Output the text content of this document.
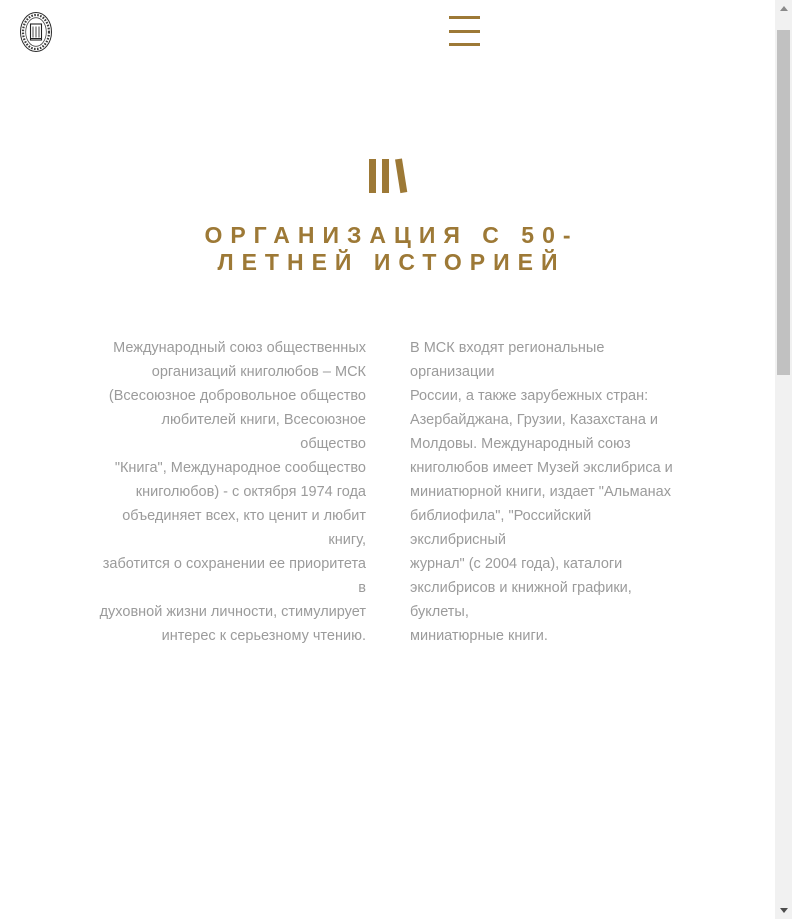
ОРГАНИЗАЦИЯ С 50-
ЛЕТНЕЙ ИСТОРИЕЙ
Международный союз общественных
организаций книголюбов – МСК
(Всесоюзное добровольное общество
любителей книги, Всесоюзное общество
"Книга", Международное сообщество
книголюбов) - с октября 1974 года
объединяет всех, кто ценит и любит книгу,
заботится о сохранении ее приоритета в
духовной жизни личности, стимулирует
интерес к серьезному чтению.
В МСК входят региональные организации
России, а также зарубежных стран:
Азербайджана, Грузии, Казахстана и
Молдовы. Международный союз
книголюбов имеет Музей экслибриса и
миниатюрной книги, издает "Альманах
библиофила", "Российский экслибрисный
журнал" (с 2004 года), каталоги
экслибрисов и книжной графики, буклеты,
миниатюрные книги.
